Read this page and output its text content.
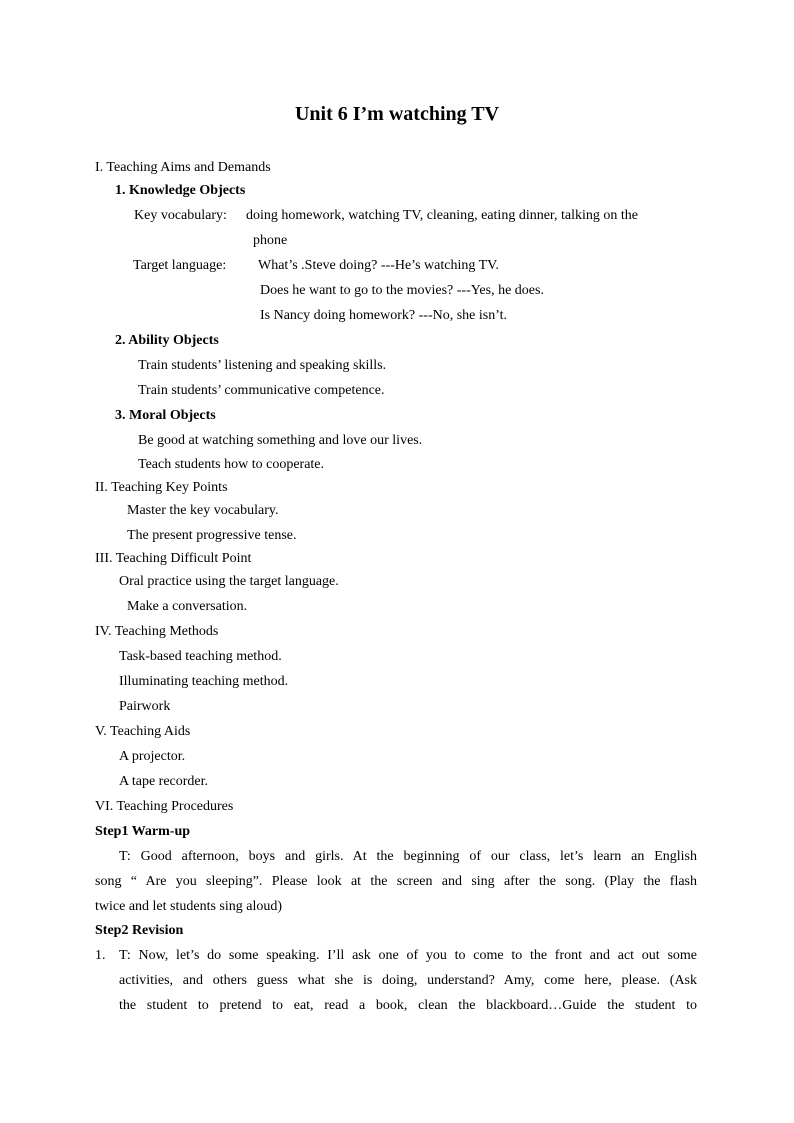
Unit 6 I’m watching TV
I. Teaching Aims and Demands
1. Knowledge Objects
Key vocabulary: doing homework, watching TV, cleaning, eating dinner, talking on the
phone
Target language: What’s .Steve doing? ---He’s watching TV.
Does he want to go to the movies? ---Yes, he does.
Is Nancy doing homework? ---No, she isn’t.
2. Ability Objects
Train students’ listening and speaking skills.
Train students’ communicative competence.
3. Moral Objects
Be good at watching something and love our lives.
Teach students how to cooperate.
II. Teaching Key Points
Master the key vocabulary.
The present progressive tense.
III. Teaching Difficult Point
Oral practice using the target language.
Make a conversation.
IV. Teaching Methods
Task-based teaching method.
Illuminating teaching method.
Pairwork
V. Teaching Aids
A projector.
A tape recorder.
VI. Teaching Procedures
Step1 Warm-up
T: Good afternoon, boys and girls. At the beginning of our class, let’s learn an English
song “ Are you sleeping”. Please look at the screen and sing after the song. (Play the flash
twice and let students sing aloud)
Step2 Revision
1. T: Now, let’s do some speaking. I’ll ask one of you to come to the front and act out some
activities, and others guess what she is doing, understand? Amy, come here, please. (Ask
the student to pretend to eat, read a book, clean the blackboard…Guide the student to
